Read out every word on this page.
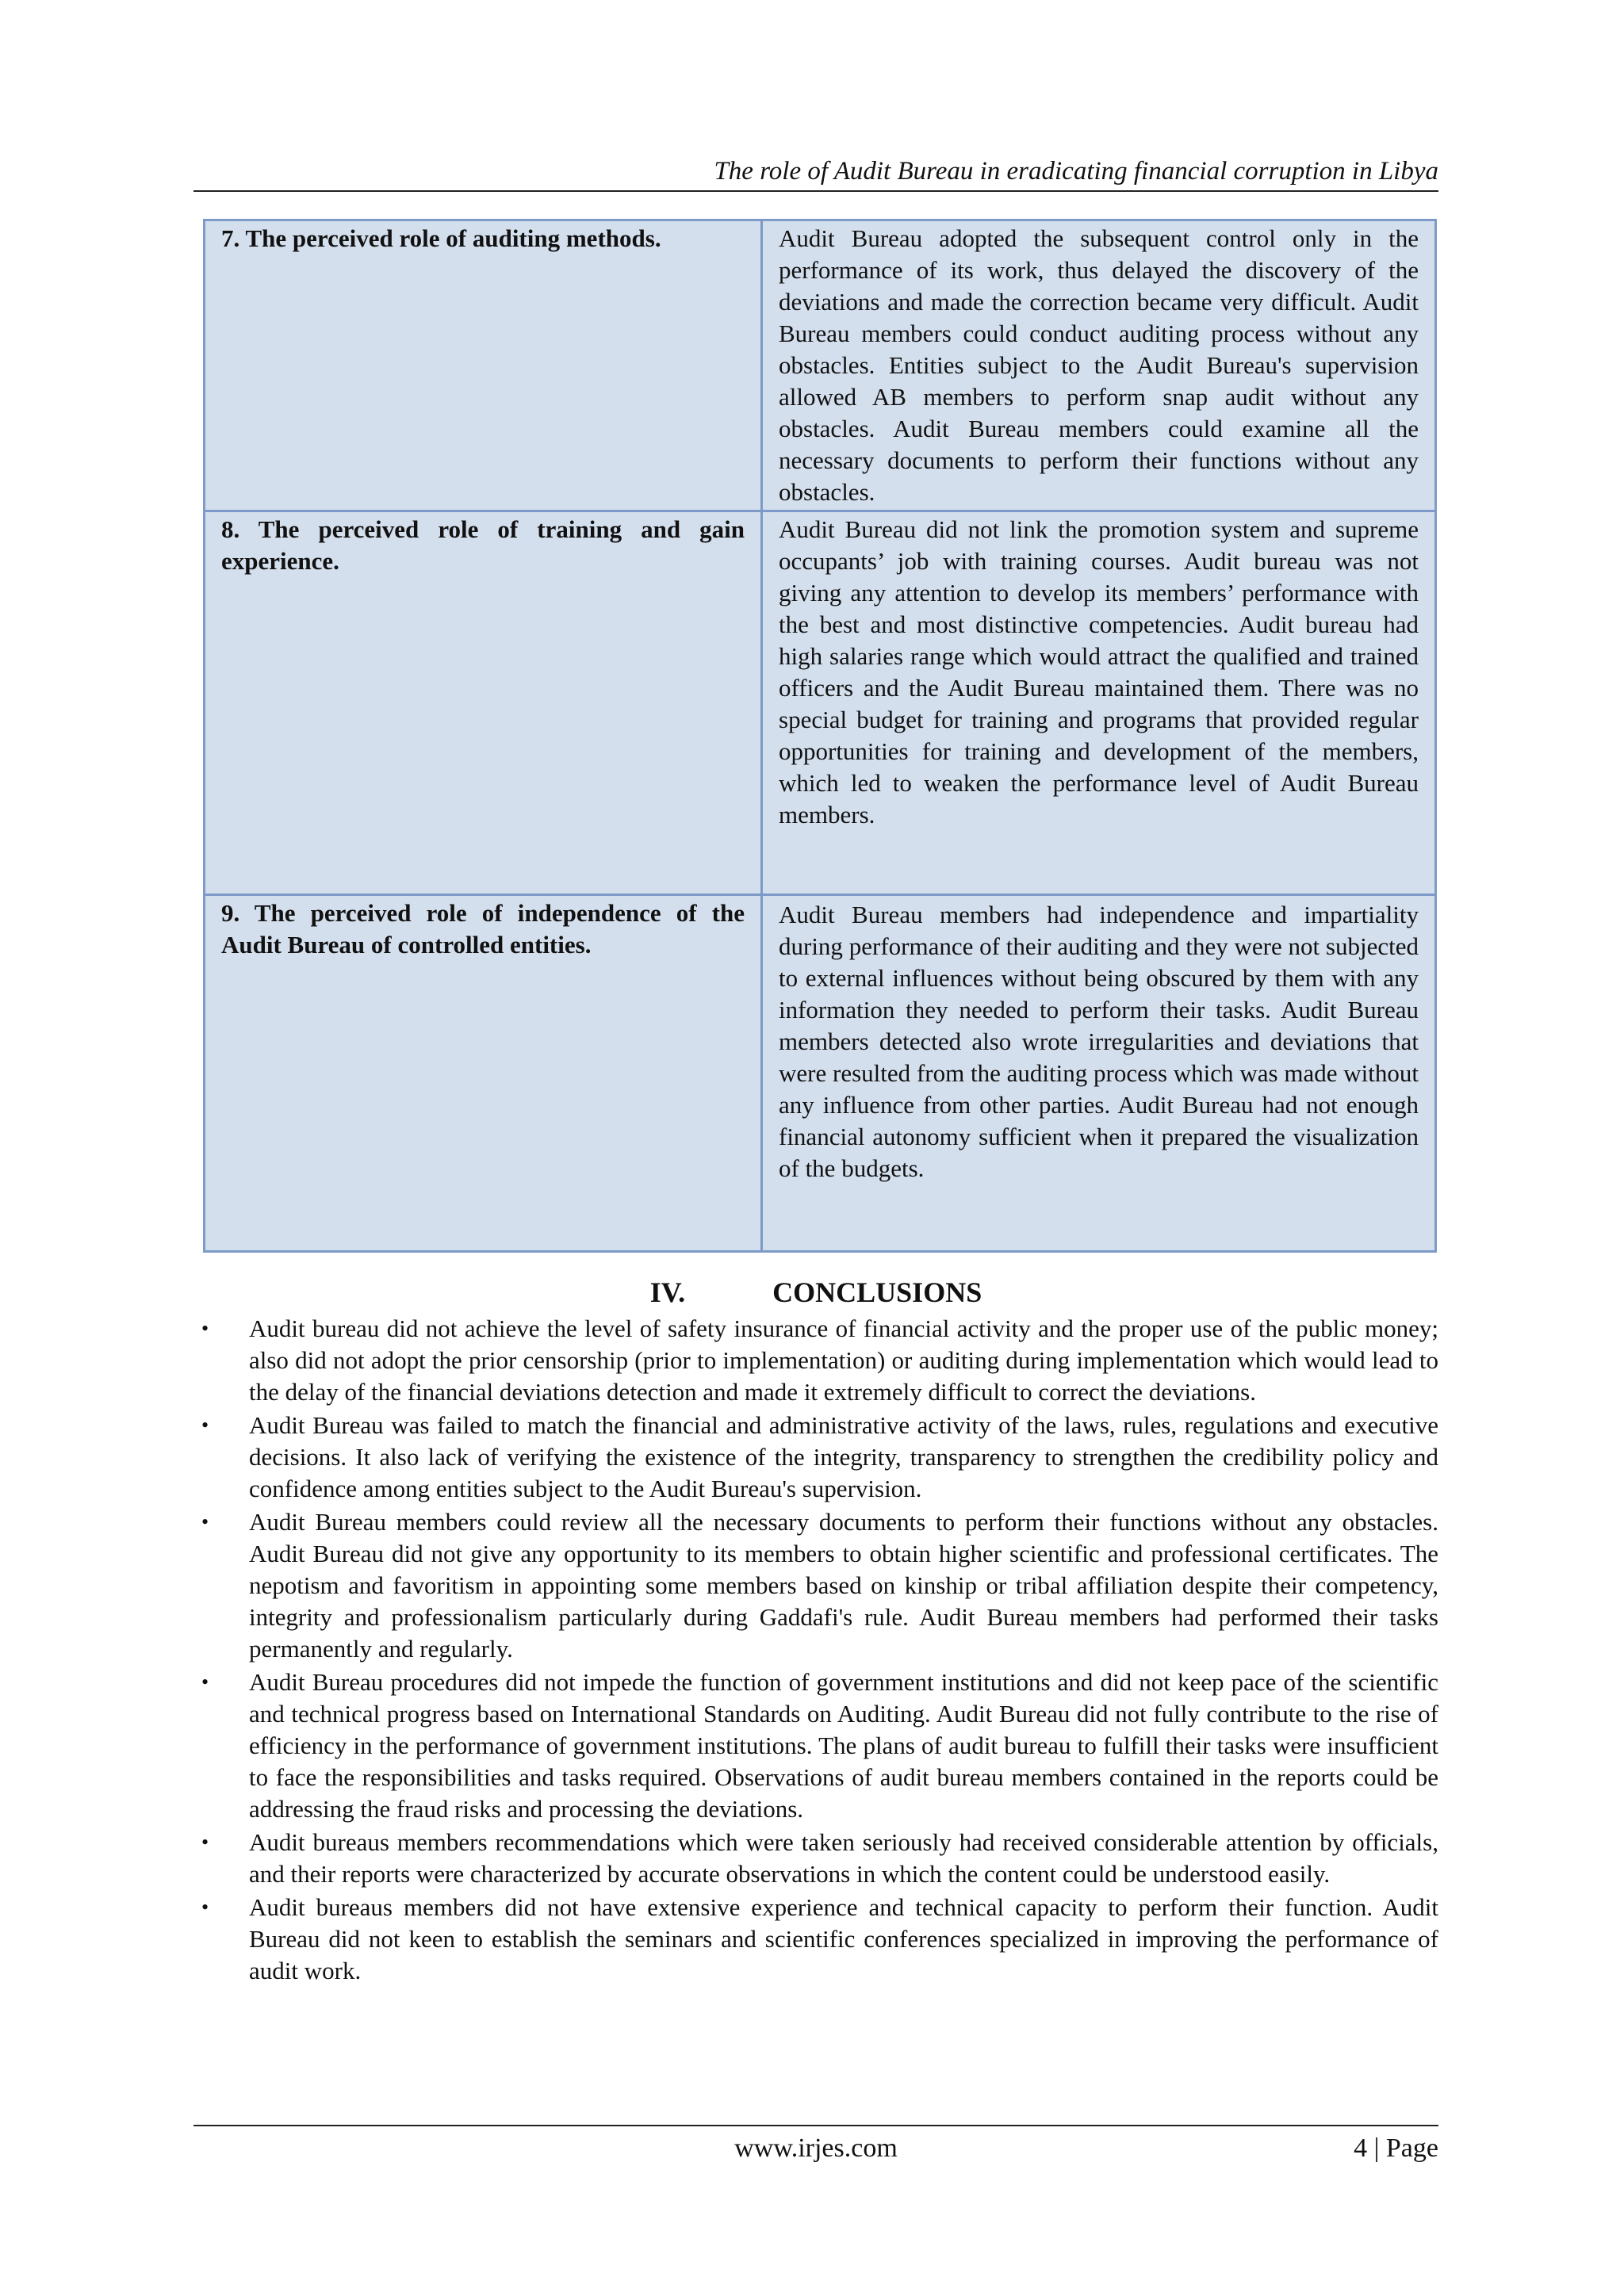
The role of Audit Bureau in eradicating financial corruption in Libya
7. The perceived role of auditing methods.	Audit Bureau adopted the subsequent control only in the performance of its work, thus delayed the discovery of the deviations and made the correction became very difficult. Audit Bureau members could conduct auditing process without any obstacles. Entities subject to the Audit Bureau's supervision allowed AB members to perform snap audit without any obstacles. Audit Bureau members could examine all the necessary documents to perform their functions without any obstacles.
8. The perceived role of training and gain experience.	Audit Bureau did not link the promotion system and supreme occupants’ job with training courses. Audit bureau was not giving any attention to develop its members’ performance with the best and most distinctive competencies. Audit bureau had high salaries range which would attract the qualified and trained officers and the Audit Bureau maintained them. There was no special budget for training and programs that provided regular opportunities for training and development of the members, which led to weaken the performance level of Audit Bureau members.
9. The perceived role of independence of the Audit Bureau of controlled entities.	Audit Bureau members had independence and impartiality during performance of their auditing and they were not subjected to external influences without being obscured by them with any information they needed to perform their tasks. Audit Bureau members detected also wrote irregularities and deviations that were resulted from the auditing process which was made without any influence from other parties. Audit Bureau had not enough financial autonomy sufficient when it prepared the visualization of the budgets.
IV.	CONCLUSIONS
• Audit bureau did not achieve the level of safety insurance of financial activity and the proper use of the public money; also did not adopt the prior censorship (prior to implementation) or auditing during implementation which would lead to the delay of the financial deviations detection and made it extremely difficult to correct the deviations.
• Audit Bureau was failed to match the financial and administrative activity of the laws, rules, regulations and executive decisions. It also lack of verifying the existence of the integrity, transparency to strengthen the credibility policy and confidence among entities subject to the Audit Bureau's supervision.
• Audit Bureau members could review all the necessary documents to perform their functions without any obstacles. Audit Bureau did not give any opportunity to its members to obtain higher scientific and professional certificates. The nepotism and favoritism in appointing some members based on kinship or tribal affiliation despite their competency, integrity and professionalism particularly during Gaddafi's rule. Audit Bureau members had performed their tasks permanently and regularly.
• Audit Bureau procedures did not impede the function of government institutions and did not keep pace of the scientific and technical progress based on International Standards on Auditing. Audit Bureau did not fully contribute to the rise of efficiency in the performance of government institutions. The plans of audit bureau to fulfill their tasks were insufficient to face the responsibilities and tasks required. Observations of audit bureau members contained in the reports could be addressing the fraud risks and processing the deviations.
• Audit bureaus members recommendations which were taken seriously had received considerable attention by officials, and their reports were characterized by accurate observations in which the content could be understood easily.
• Audit bureaus members did not have extensive experience and technical capacity to perform their function. Audit Bureau did not keen to establish the seminars and scientific conferences specialized in improving the performance of audit work.
www.irjes.com	4 | Page
